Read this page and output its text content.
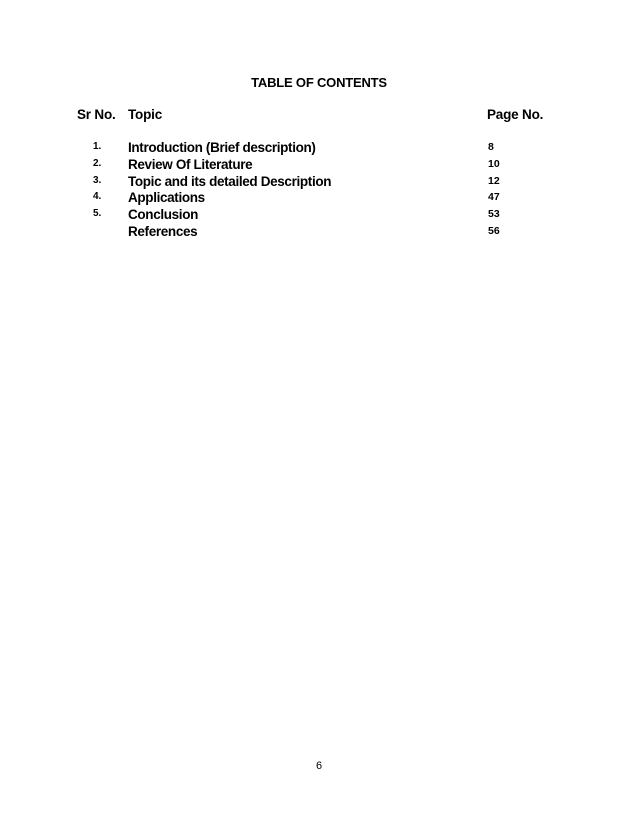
TABLE OF CONTENTS
Sr No. Topic	Page No.
1. Introduction (Brief description)	8
2. Review Of Literature	10
3. Topic and its detailed Description	12
4. Applications	47
5. Conclusion	53
References	56
6
